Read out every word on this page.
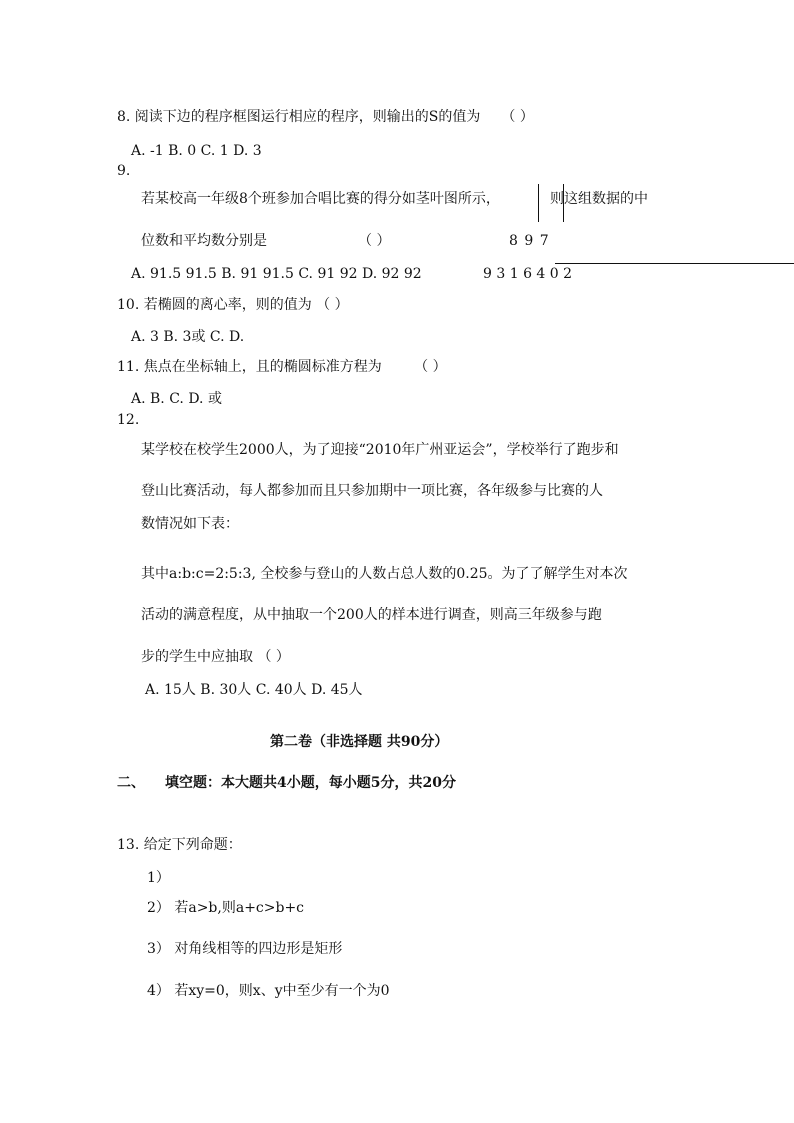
8. 阅读下边的程序框图运行相应的程序，则输出的S的值为　　（ ）
A. -1 B. 0 C. 1 D. 3
9.
若某校高一年级8个班参加合唱比赛的得分如茎叶图所示，	则这组数据的中
位数和平均数分别是　　　　　　　（ ）	8 9 7
A. 91.5 91.5 B. 91 91.5 C. 91 92 D. 92 92	9 3 1 6 4 0 2
10. 若椭圆的离心率，则的值为 （ ）
A. 3 B. 3或 C. D.
11. 焦点在坐标轴上，且的椭圆标准方程为　　 （ ）
A. B. C. D. 或
12.
某学校在校学生2000人，为了迎接“2010年广州亚运会”，学校举行了跑步和
登山比赛活动，每人都参加而且只参加期中一项比赛，各年级参与比赛的人
数情况如下表：
其中a:b:c=2:5:3, 全校参与登山的人数占总人数的0.25。为了了解学生对本次
活动的满意程度，从中抽取一个200人的样本进行调查，则高三年级参与跑
步的学生中应抽取 （ ）
A. 15人 B. 30人 C. 40人 D. 45人
第二卷（非选择题 共90分）
二、 填空题：本大题共4小题，每小题5分，共20分
13. 给定下列命题：
1）
2） 若a>b,则a+c>b+c
3） 对角线相等的四边形是矩形
4） 若xy=0，则x、y中至少有一个为0
